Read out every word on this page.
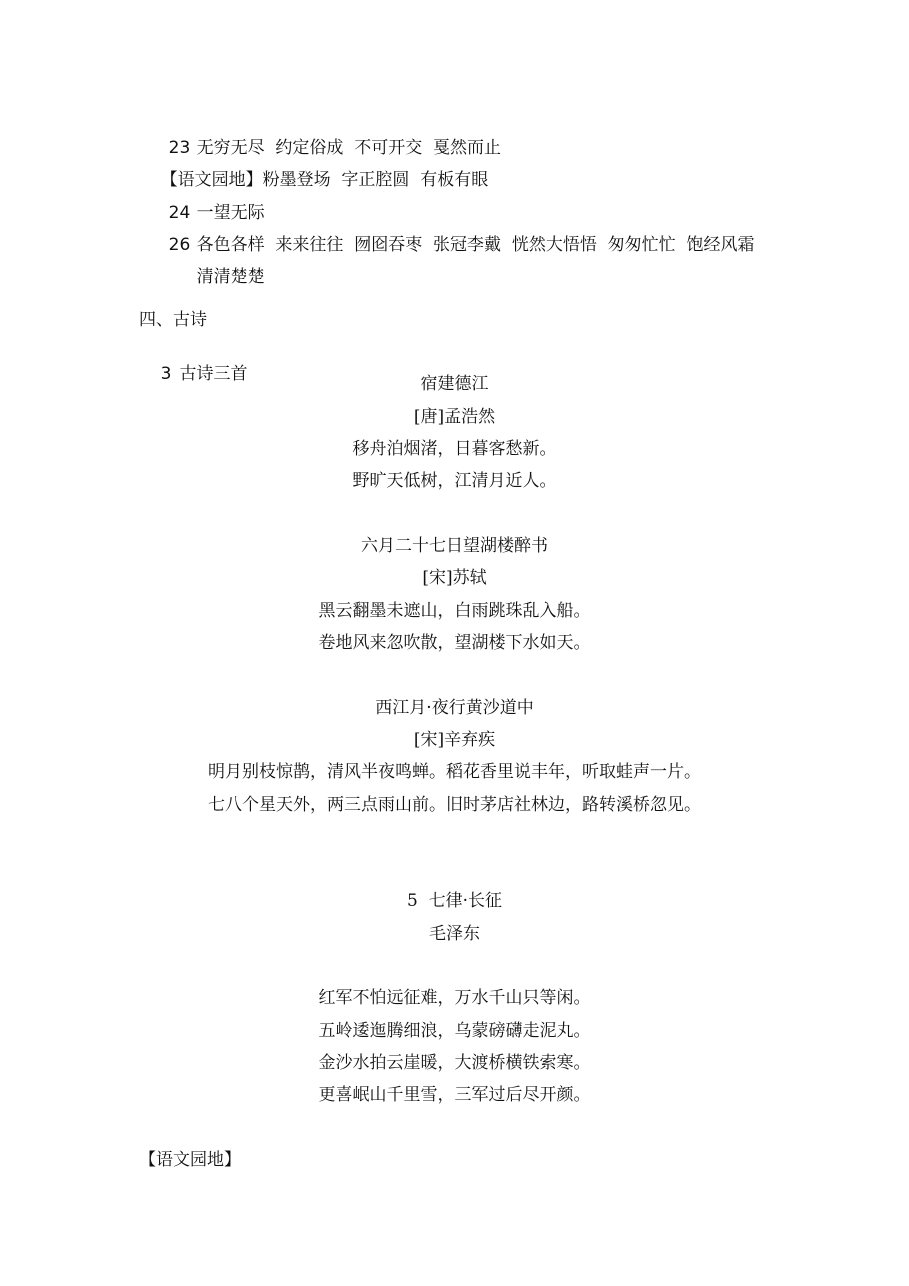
23 无穷无尽  约定俗成  不可开交  戛然而止

【语文园地】粉墨登场  字正腔圆  有板有眼

24 一望无际

26 各色各样  来来往往  囫囵吞枣  张冠李戴  恍然大悟悟  匆匆忙忙  饱经风霜

清清楚楚

四、古诗

3 古诗三首
	宿建德江
[唐]孟浩然
移舟泊烟渚，日暮客愁新。
野旷天低树，江清月近人。
六月二十七日望湖楼醉书
[宋]苏轼
黑云翻墨未遮山，白雨跳珠乱入船。
卷地风来忽吹散，望湖楼下水如天。
西江月·夜行黄沙道中
[宋]辛弃疾
明月别枝惊鹊，清风半夜鸣蝉。稻花香里说丰年，听取蛙声一片。
七八个星天外，两三点雨山前。旧时茅店社林边，路转溪桥忽见。
5  七律·长征
毛泽东
红军不怕远征难，万水千山只等闲。
五岭逶迤腾细浪，乌蒙磅礴走泥丸。
金沙水拍云崖暖，大渡桥横铁索寒。
更喜岷山千里雪，三军过后尽开颜。
【语文园地】
